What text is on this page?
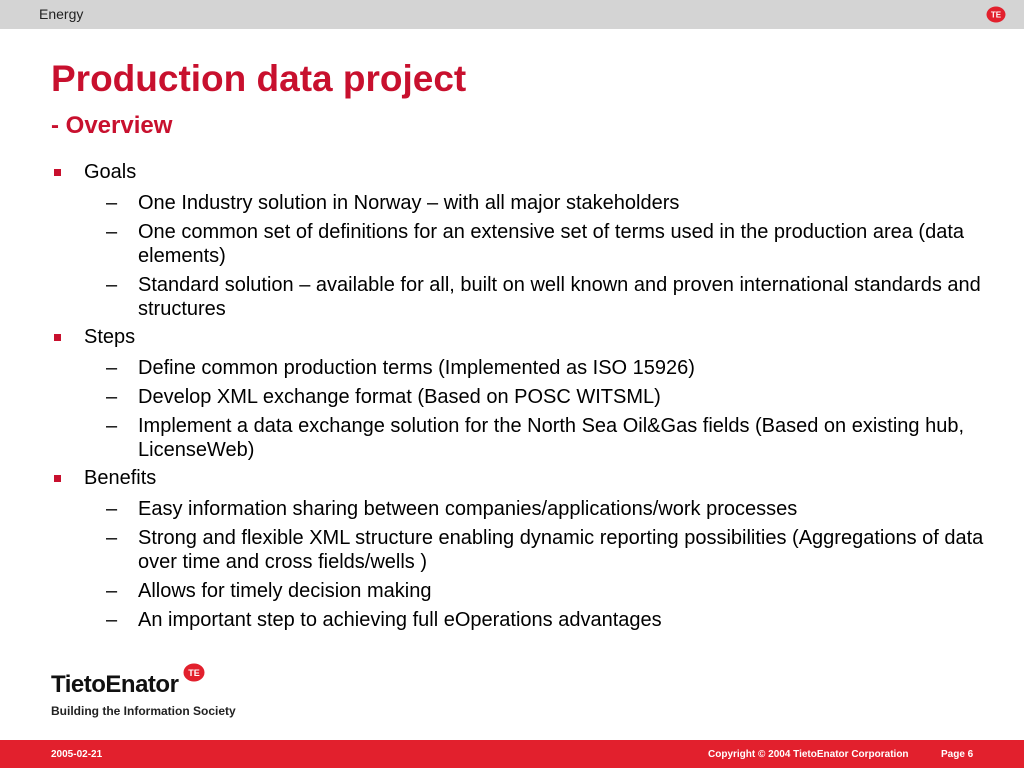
Energy	TE
Production data project
- Overview
Goals
– One Industry solution in Norway – with all major stakeholders
– One common set of definitions for an extensive set of terms used in the production area (data elements)
– Standard solution – available for all, built on well known and proven international standards and structures
Steps
– Define common production terms (Implemented as ISO 15926)
– Develop XML exchange format (Based on POSC WITSML)
– Implement a data exchange solution for the North Sea Oil&Gas fields (Based on existing hub, LicenseWeb)
Benefits
– Easy information sharing between companies/applications/work processes
– Strong and flexible XML structure enabling dynamic reporting possibilities (Aggregations of data over time and cross fields/wells )
– Allows for timely decision making
– An important step to achieving full eOperations advantages
TietoEnator TE
Building the Information Society
2005-02-21	Copyright © 2004 TietoEnator Corporation	Page 6
